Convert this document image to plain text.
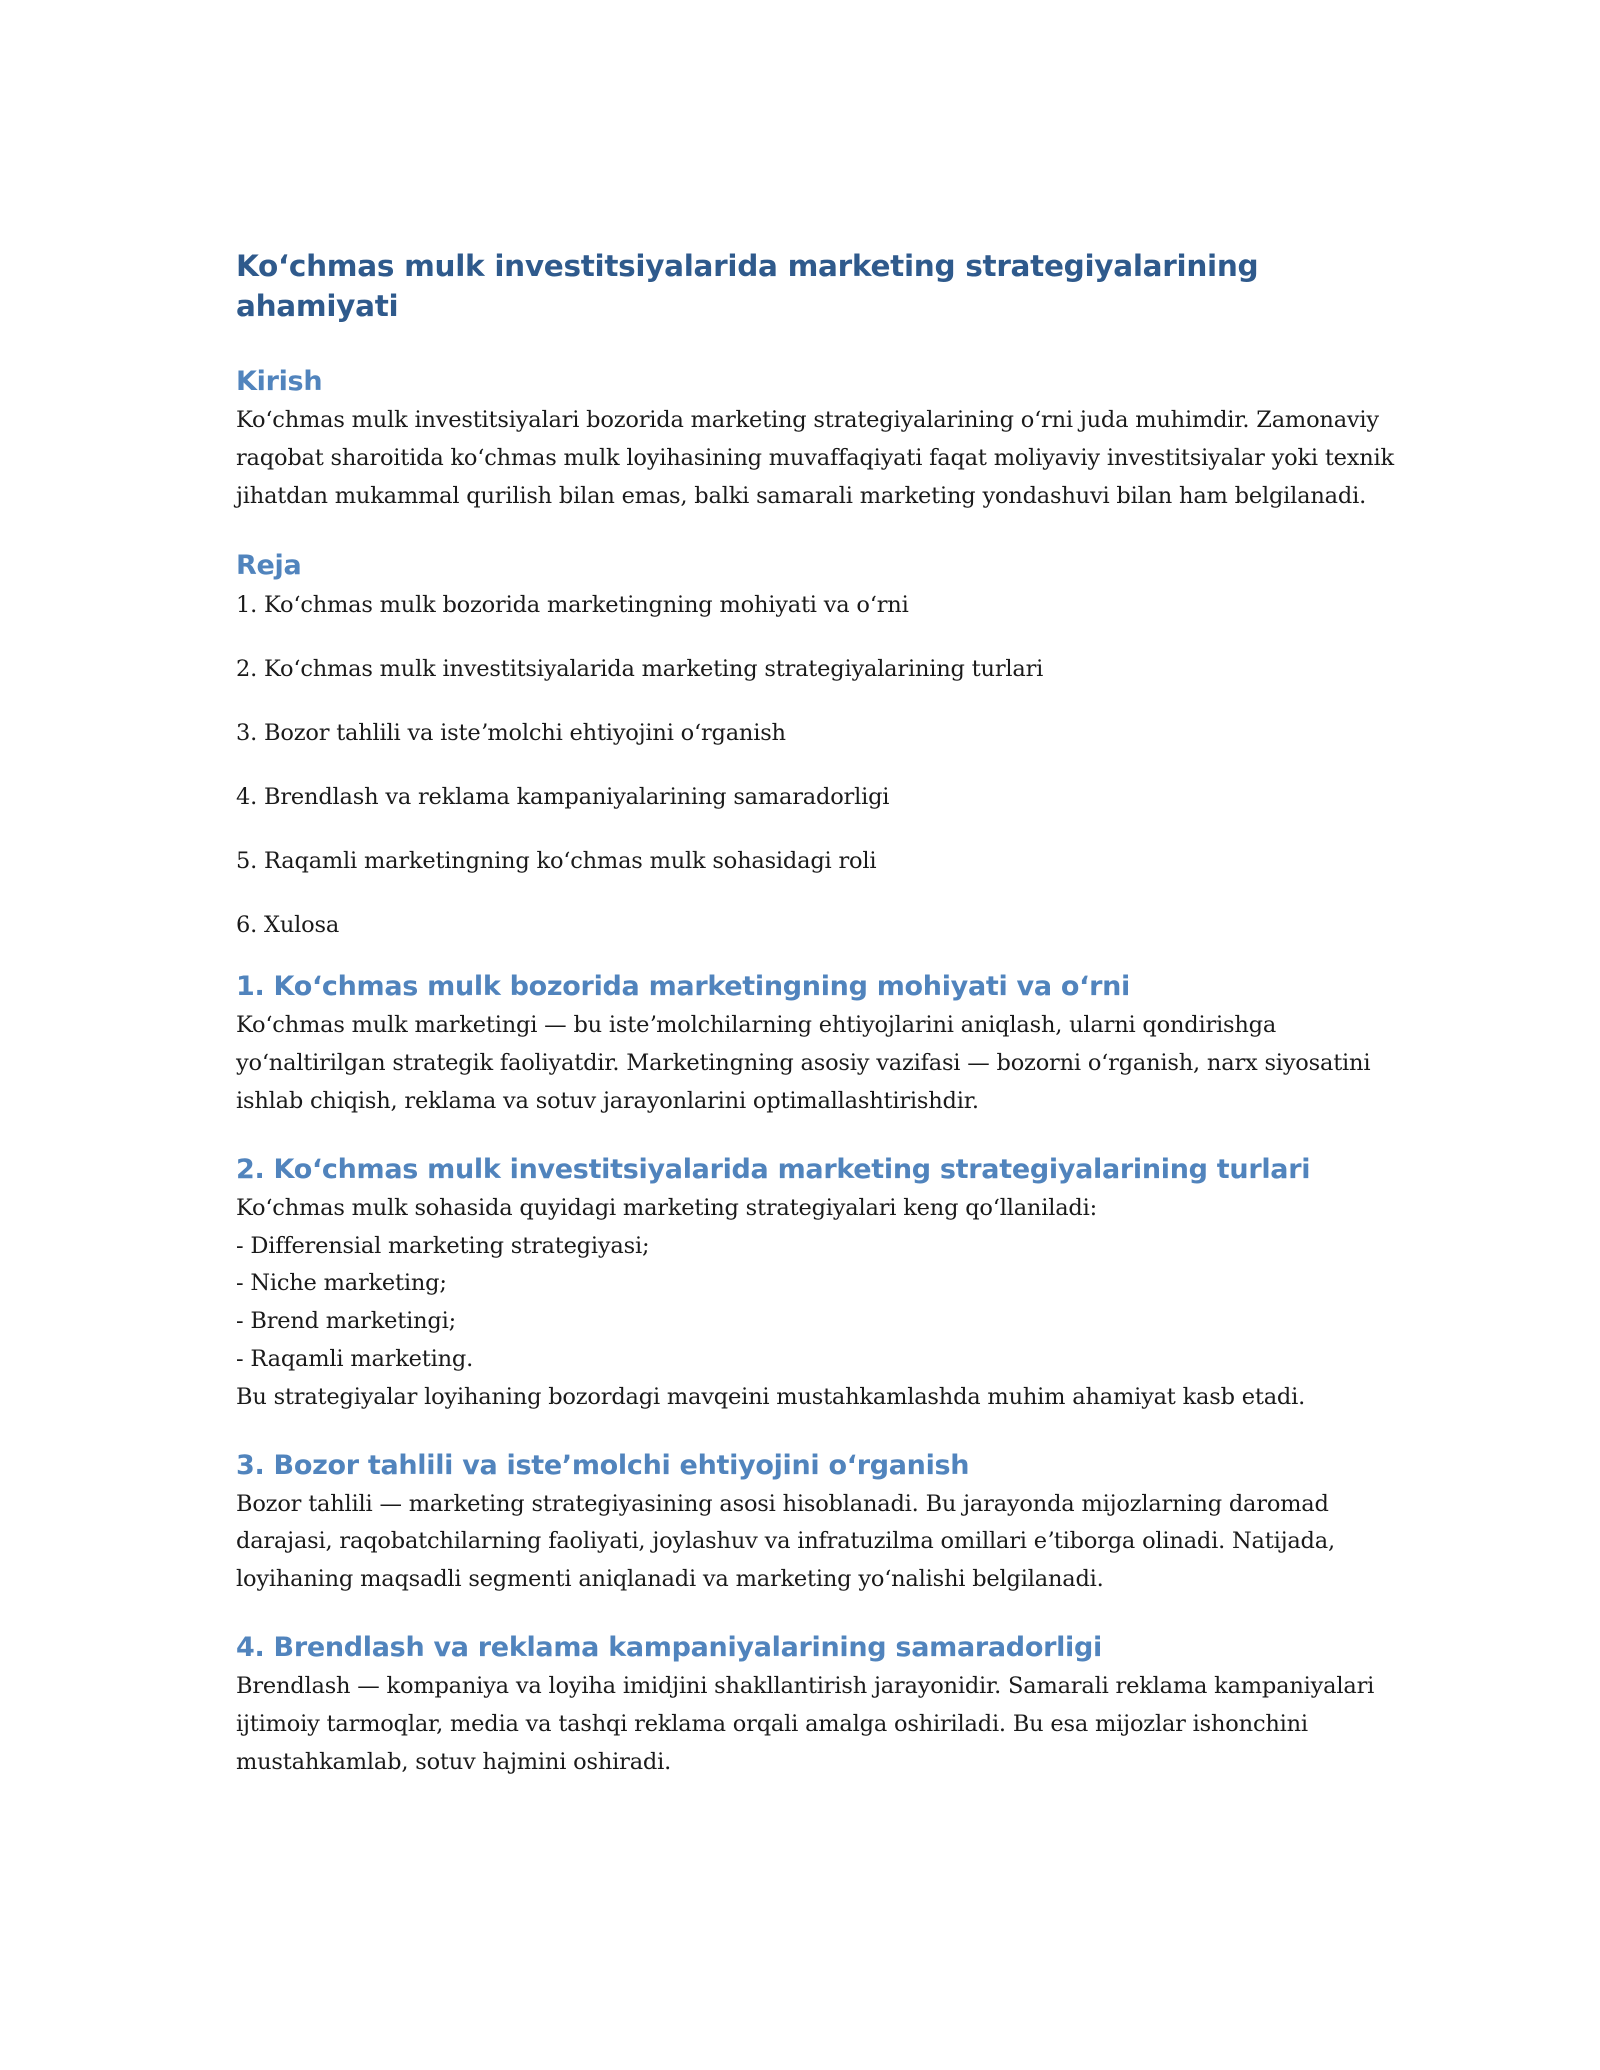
Koʻchmas mulk investitsiyalarida marketing strategiyalarining ahamiyati
Kirish

Koʻchmas mulk investitsiyalari bozorida marketing strategiyalarining oʻrni juda muhimdir. Zamonaviy raqobat sharoitida koʻchmas mulk loyihasining muvaffaqiyati faqat moliyaviy investitsiyalar yoki texnik jihatdan mukammal qurilish bilan emas, balki samarali marketing yondashuvi bilan ham belgilanadi.

Reja
1. Koʻchmas mulk bozorida marketingning mohiyati va oʻrni
2. Koʻchmas mulk investitsiyalarida marketing strategiyalarining turlari
3. Bozor tahlili va isteʼmolchi ehtiyojini oʻrganish
4. Brendlash va reklama kampaniyalarining samaradorligi
5. Raqamli marketingning koʻchmas mulk sohasidagi roli
6. Xulosa
1. Koʻchmas mulk bozorida marketingning mohiyati va oʻrni

Koʻchmas mulk marketingi — bu isteʼmolchilarning ehtiyojlarini aniqlash, ularni qondirishga yoʻnaltirilgan strategik faoliyatdir. Marketingning asosiy vazifasi — bozorni oʻrganish, narx siyosatini ishlab chiqish, reklama va sotuv jarayonlarini optimallashtirishdir.

2. Koʻchmas mulk investitsiyalarida marketing strategiyalarining turlari

Koʻchmas mulk sohasida quyidagi marketing strategiyalari keng qoʻllaniladi:

- Differensial marketing strategiyasi;

- Niche marketing;

- Brend marketingi;

- Raqamli marketing.

Bu strategiyalar loyihaning bozordagi mavqeini mustahkamlashda muhim ahamiyat kasb etadi.

3. Bozor tahlili va isteʼmolchi ehtiyojini oʻrganish

Bozor tahlili — marketing strategiyasining asosi hisoblanadi. Bu jarayonda mijozlarning daromad darajasi, raqobatchilarning faoliyati, joylashuv va infratuzilma omillari eʼtiborga olinadi. Natijada, loyihaning maqsadli segmenti aniqlanadi va marketing yoʻnalishi belgilanadi.

4. Brendlash va reklama kampaniyalarining samaradorligi

Brendlash — kompaniya va loyiha imidjini shakllantirish jarayonidir. Samarali reklama kampaniyalari ijtimoiy tarmoqlar, media va tashqi reklama orqali amalga oshiriladi. Bu esa mijozlar ishonchini mustahkamlab, sotuv hajmini oshiradi.
